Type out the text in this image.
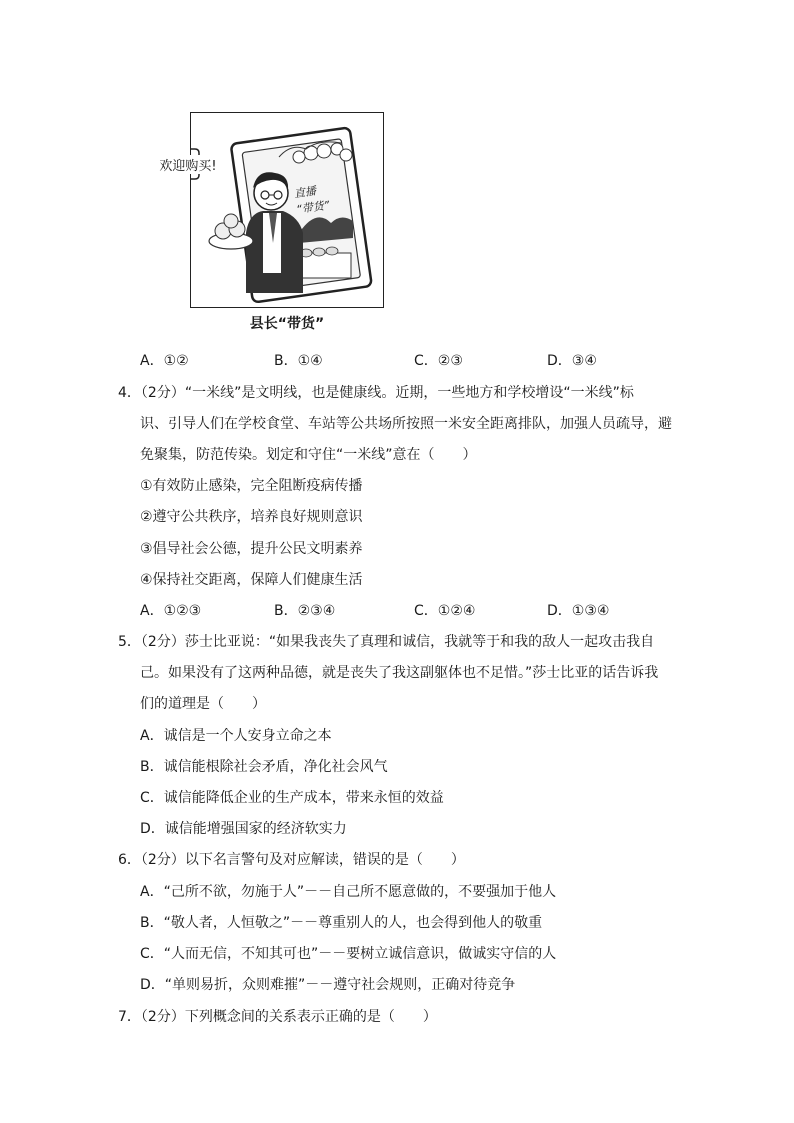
欢迎购买!
直播
“带货”
县长“带货”
A．①②	B．①④	C．②③	D．③④
4．（2分）“一米线”是文明线，也是健康线。近期，一些地方和学校增设“一米线”标
识、引导人们在学校食堂、车站等公共场所按照一米安全距离排队，加强人员疏导，避
免聚集，防范传染。划定和守住“一米线”意在（　　）
①有效防止感染，完全阻断疫病传播
②遵守公共秩序，培养良好规则意识
③倡导社会公德，提升公民文明素养
④保持社交距离，保障人们健康生活
A．①②③	B．②③④	C．①②④	D．①③④
5．（2分）莎士比亚说：“如果我丧失了真理和诚信，我就等于和我的敌人一起攻击我自
己。如果没有了这两种品德，就是丧失了我这副躯体也不足惜。”莎士比亚的话告诉我
们的道理是（　　）
A．诚信是一个人安身立命之本
B．诚信能根除社会矛盾，净化社会风气
C．诚信能降低企业的生产成本，带来永恒的效益
D．诚信能增强国家的经济软实力
6．（2分）以下名言警句及对应解读，错误的是（　　）
A．“己所不欲，勿施于人”－－自己所不愿意做的，不要强加于他人
B．“敬人者，人恒敬之”－－尊重别人的人，也会得到他人的敬重
C．“人而无信，不知其可也”－－要树立诚信意识，做诚实守信的人
D．“单则易折，众则难摧”－－遵守社会规则，正确对待竞争
7．（2分）下列概念间的关系表示正确的是（　　）
